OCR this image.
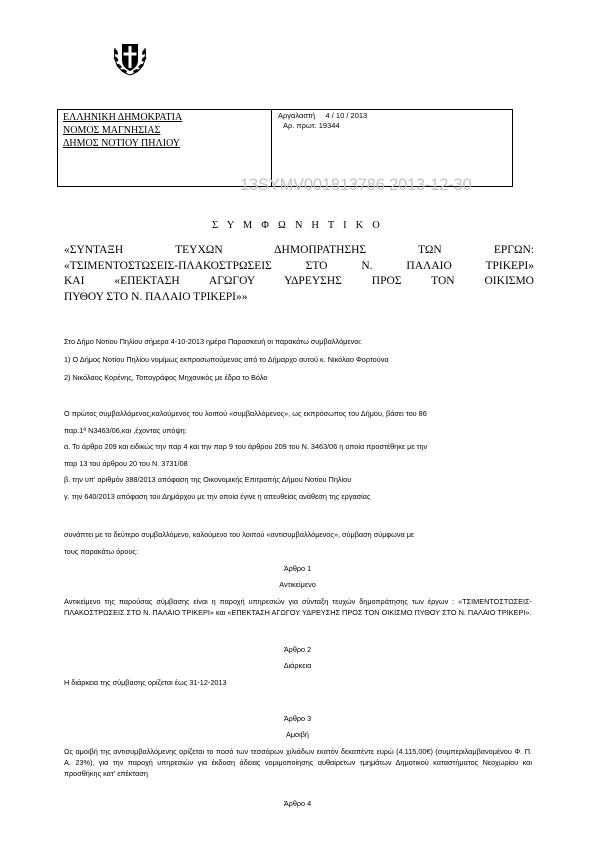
ΕΛΛΗΝΙΚΗ ΔΗΜΟΚΡΑΤΙΑ
ΝΟΜΟΣ ΜΑΓΝΗΣΙΑΣ
ΔΗΜΟΣ ΝΟΤΙΟΥ ΠΗΛΙΟΥ
Αργαλαστή     4 / 10 / 2013
Αρ. πρωτ. 19344
13SYMV001813786 2013-12-30
Σ Υ Μ Φ Ω Ν Η Τ Ι Κ Ο
«ΣΥΝΤΑΞΗ ΤΕΥΧΩΝ ΔΗΜΟΠΡΑΤΗΣΗΣ ΤΩΝ ΕΡΓΩΝ:
«ΤΣΙΜΕΝΤΟΣΤΩΣΕΙΣ-ΠΛΑΚΟΣΤΡΩΣΕΙΣ ΣΤΟ Ν. ΠΑΛΑΙΟ ΤΡΙΚΕΡΙ»
ΚΑΙ «ΕΠΕΚΤΑΣΗ ΑΓΩΓΟΥ ΥΔΡΕΥΣΗΣ ΠΡΟΣ ΤΟΝ ΟΙΚΙΣΜΟ
ΠΥΘΟΥ ΣΤΟ Ν. ΠΑΛΑΙΟ ΤΡΙΚΕΡΙ»»
Στο Δήμο Νοτίου Πηλίου σήμερα 4-10-2013 ημέρα Παρασκευή οι παρακάτω συμβαλλόμενοι:
1) Ο Δήμος Νοτίου Πηλίου νομίμως εκπροσωπούμενος από το Δήμαρχο αυτού κ. Νικόλαο Φορτούνα
2) Νικόλαος Κορένης, Τοπογράφος Μηχανικός με έδρα το Βόλο
Ο πρώτος συμβαλλόμενος,καλούμενος του λοιπού «συμβαλλόμενος», ως εκπρόσωπος του Δήμου, βάσει του 86
παρ.1ª Ν3463/06,και ,έχοντας υπόψη:
α. Το άρθρο 209 και ειδικώς την παρ 4 και την παρ 9 του άρθρου 209 του Ν. 3463/06 η οποία προστέθηκε με την
παρ 13 του άρθρου 20 του Ν. 3731/08
β. την υπ' αριθμόν 388/2013 απόφαση της Οικονομικής Επιτροπής Δήμου Νοτίου Πηλίου
γ. την 640/2013 απόφαση του Δημάρχου με την οποία έγινε η απευθείας ανάθεση της εργασίας
συνάπτει με το δεύτερο συμβαλλόμενο, καλούμενο του λοιπού «αντισυμβαλλόμενος», σύμβαση σύμφωνα με
τους παρακάτω όρους:
Άρθρο 1
Αντικείμενο
Αντικείμενο της παρούσας σύμβασης είναι η παροχή υπηρεσιών για σύνταξη τευχών δημοπράτησης των έργων : «ΤΣΙΜΕΝΤΟΣΤΩΣΕΙΣ-ΠΛΑΚΟΣΤΡΩΣΕΙΣ ΣΤΟ Ν. ΠΑΛΑΙΟ ΤΡΙΚΕΡΙ» και «ΕΠΕΚΤΑΣΗ ΑΓΩΓΟΥ ΥΔΡΕΥΣΗΣ ΠΡΟΣ ΤΟΝ ΟΙΚΙΣΜΟ ΠΥΘΟΥ ΣΤΟ Ν. ΠΑΛΑΙΟ ΤΡΙΚΕΡΙ».
Άρθρο 2
Διάρκεια
Η διάρκεια της σύμβασης ορίζεται έως 31-12-2013
Άρθρο 3
Αμοιβή
Ως αμοιβή της αντισυμβαλλόμενης ορίζεται το ποσό των τεσσάρων χιλιάδων εκατόν δεκαπέντε ευρώ (4.115,00€) (συμπεριλαμβανομένου Φ. Π. Α. 23%), για την παροχή υπηρεσιών για έκδοση άδειας νομιμοποίησης αυθαίρετων τμημάτων Δημοτικού καταστήματος Νεοχωρίου και προσθήκης κατ' επέκταση
Άρθρο 4
